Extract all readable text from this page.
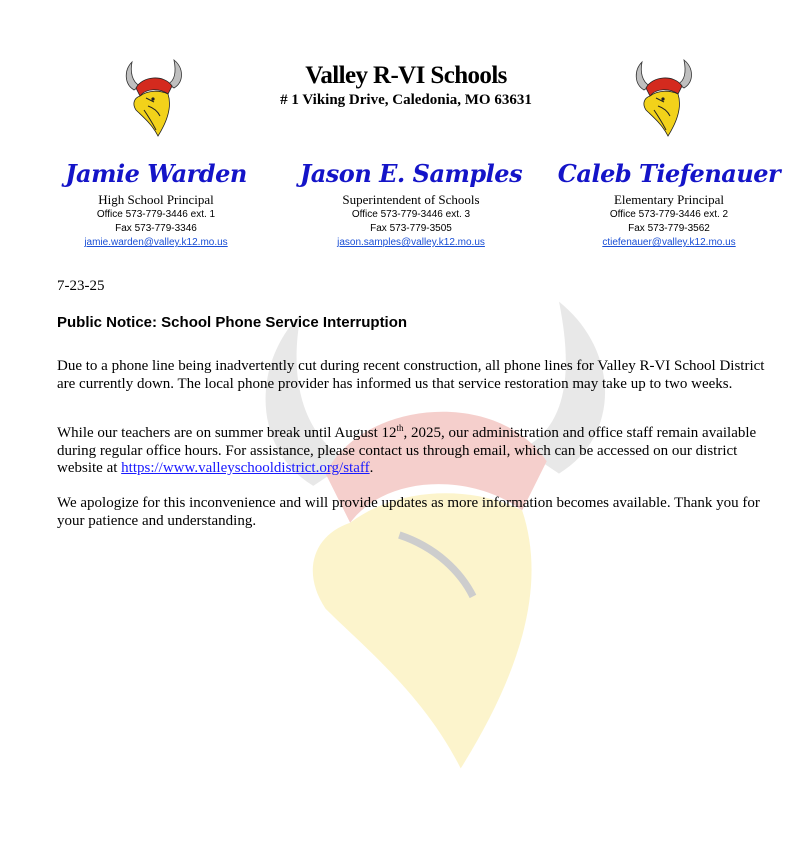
Valley R-VI Schools
# 1 Viking Drive, Caledonia, MO 63631
Jamie Warden
High School Principal
Office 573-779-3446 ext. 1
Fax 573-779-3346
jamie.warden@valley.k12.mo.us
Jason E. Samples
Superintendent of Schools
Office 573-779-3446 ext. 3
Fax 573-779-3505
jason.samples@valley.k12.mo.us
Caleb Tiefenauer
Elementary Principal
Office 573-779-3446 ext. 2
Fax 573-779-3562
ctiefenauer@valley.k12.mo.us
7-23-25
Public Notice: School Phone Service Interruption

Due to a phone line being inadvertently cut during recent construction, all phone lines for Valley R-VI School District are currently down. The local phone provider has informed us that service restoration may take up to two weeks.

While our teachers are on summer break until August 12th, 2025, our administration and office staff remain available during regular office hours. For assistance, please contact us through email, which can be accessed on our district website at https://www.valleyschooldistrict.org/staff.

We apologize for this inconvenience and will provide updates as more information becomes available. Thank you for your patience and understanding.
